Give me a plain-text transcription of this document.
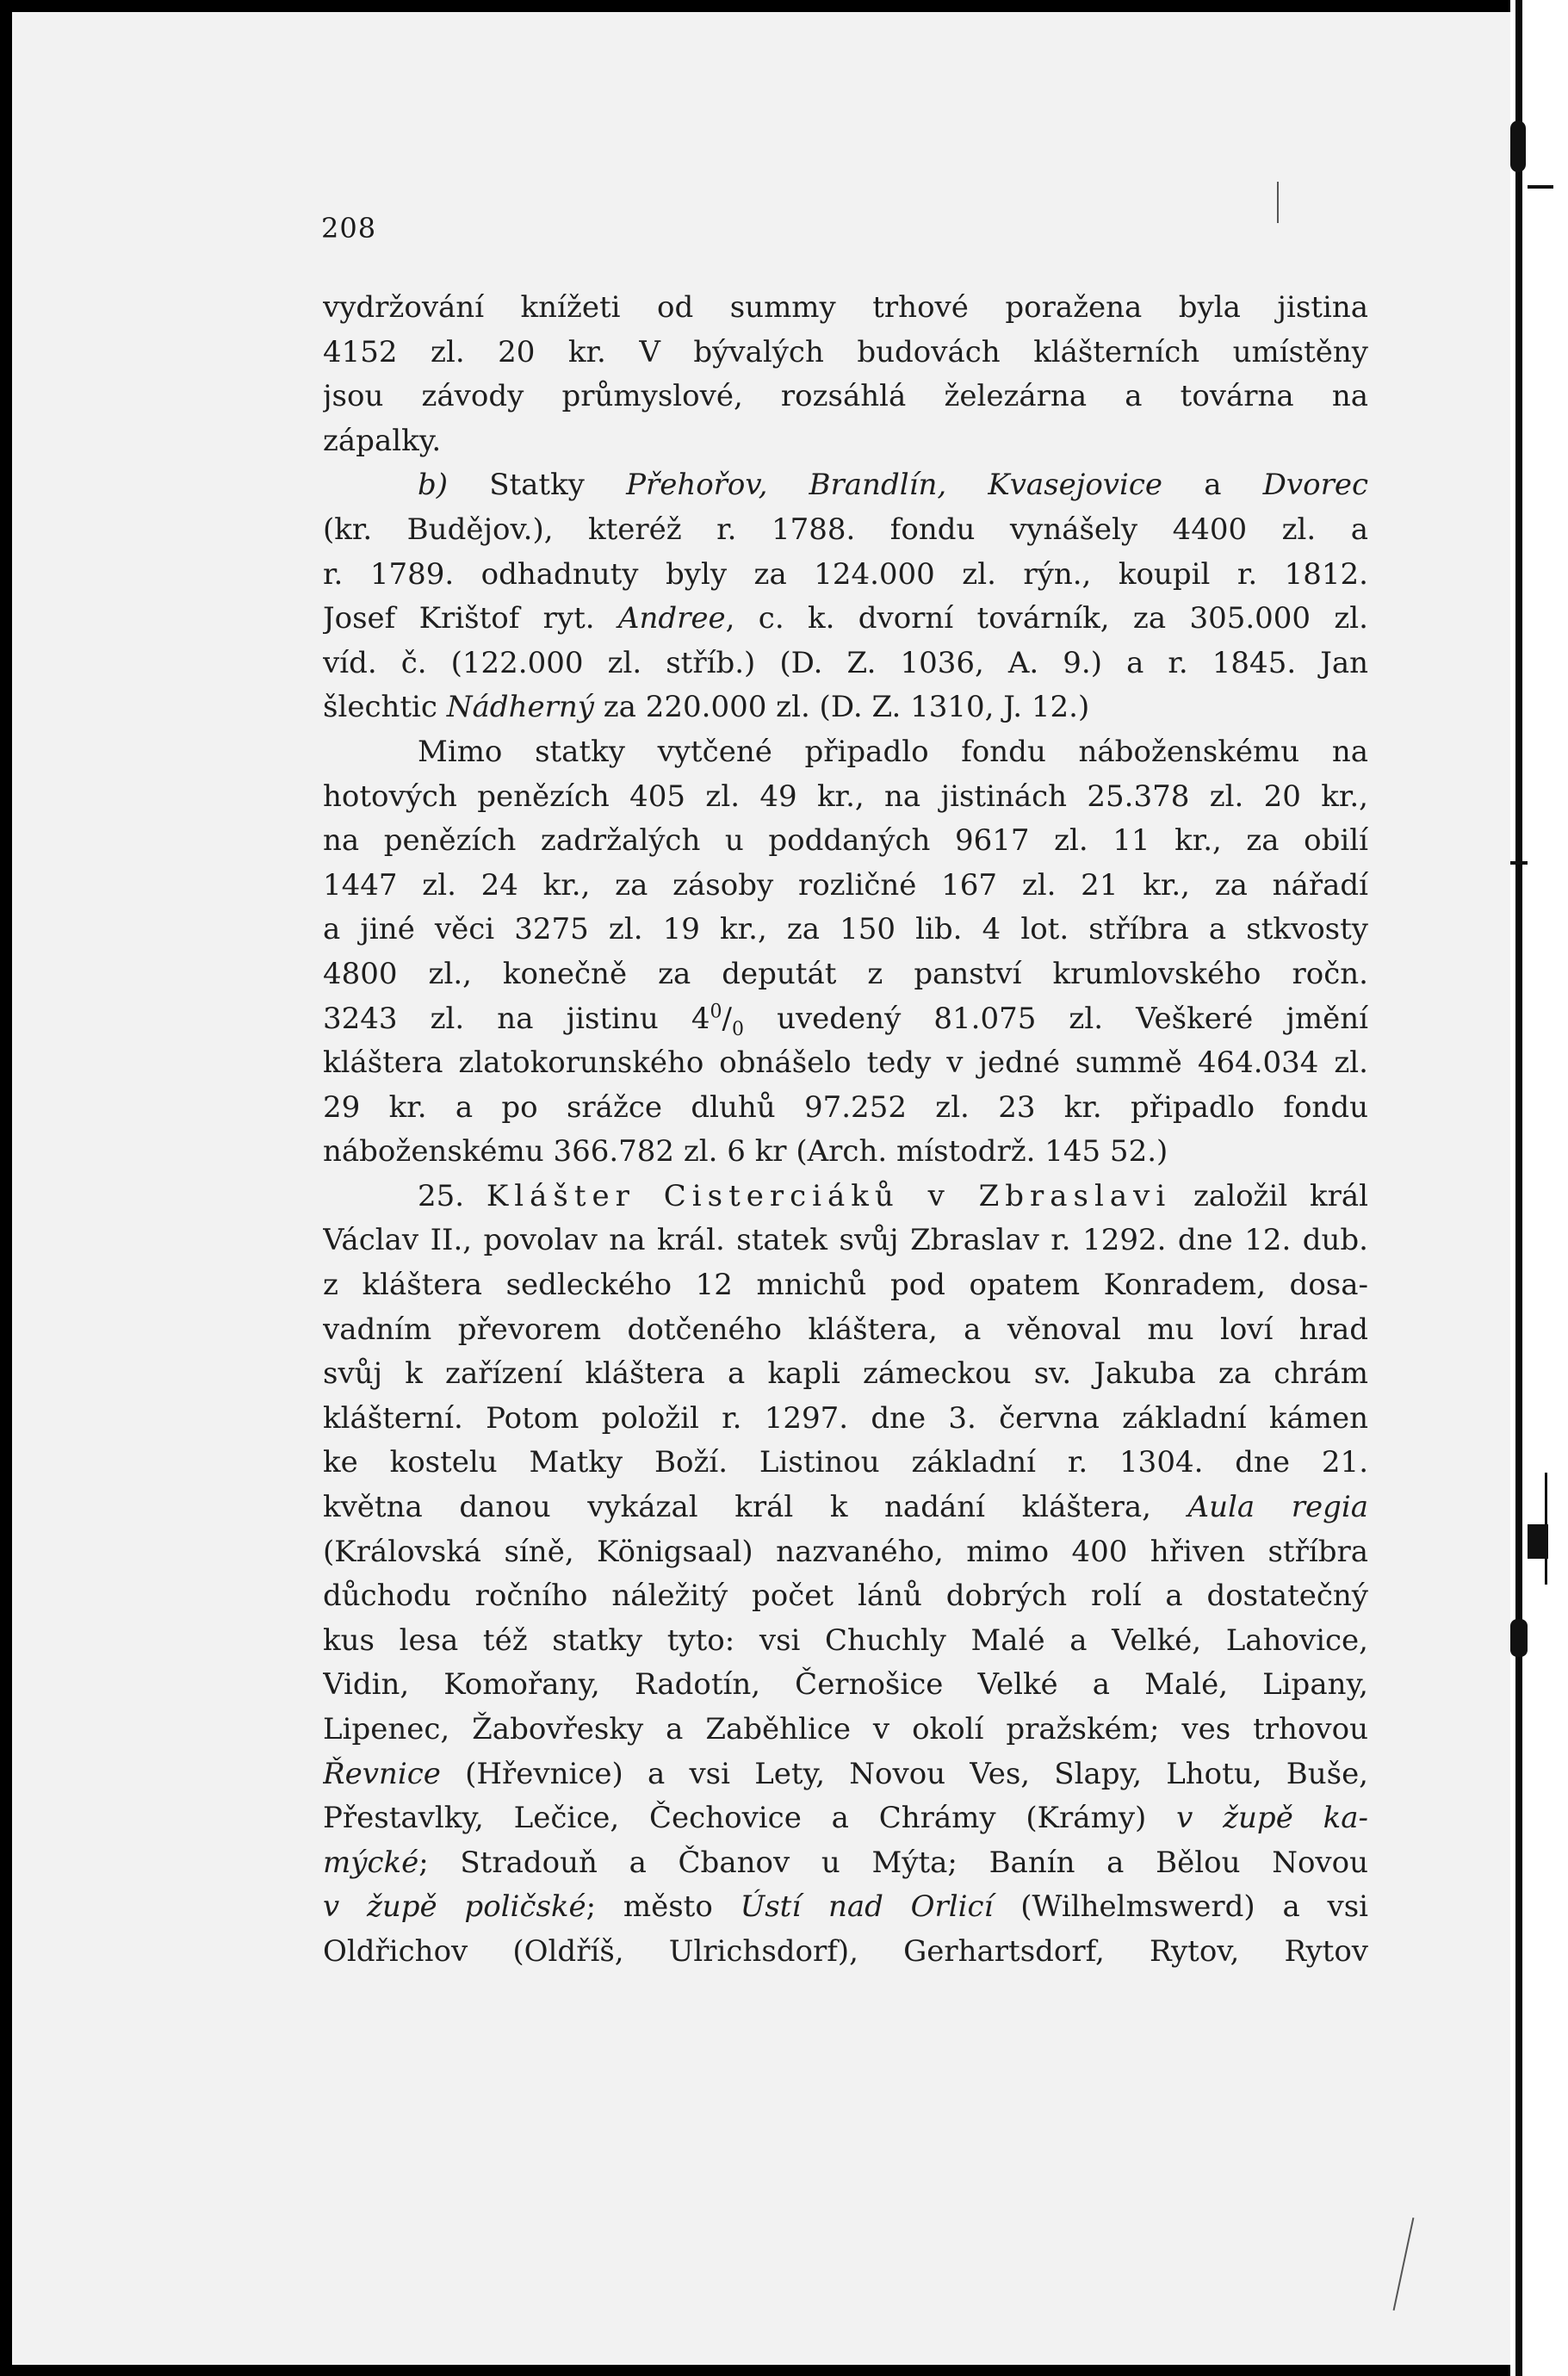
208
vydržování knížeti od summy trhové poražena byla jistina
4152 zl. 20 kr. V bývalých budovách klášterních umístěny
jsou závody průmyslové, rozsáhlá železárna a továrna na
zápalky.
b) Statky Přehořov, Brandlín, Kvasejovice a Dvorec
(kr. Budějov.), kteréž r. 1788. fondu vynášely 4400 zl. a
r. 1789. odhadnuty byly za 124.000 zl. rýn., koupil r. 1812.
Josef Krištof ryt. Andree, c. k. dvorní továrník, za 305.000 zl.
víd. č. (122.000 zl. stříb.) (D. Z. 1036, A. 9.) a r. 1845. Jan
šlechtic Nádherný za 220.000 zl. (D. Z. 1310, J. 12.)
Mimo statky vytčené připadlo fondu náboženskému na
hotových penězích 405 zl. 49 kr., na jistinách 25.378 zl. 20 kr.,
na penězích zadržalých u poddaných 9617 zl. 11 kr., za obilí
1447 zl. 24 kr., za zásoby rozličné 167 zl. 21 kr., za nářadí
a jiné věci 3275 zl. 19 kr., za 150 lib. 4 lot. stříbra a stkvosty
4800 zl., konečně za deputát z panství krumlovského ročn.
3243 zl. na jistinu $4^0/_0$ uvedený 81.075 zl. Veškeré jmění
kláštera zlatokorunského obnášelo tedy v jedné summě 464.034 zl.
29 kr. a po srážce dluhů 97.252 zl. 23 kr. připadlo fondu
náboženskému 366.782 zl. 6 kr (Arch. místodrž. 145 52.)
25. Klášter Cisterciáků v Zbraslavi založil král
Václav II., povolav na král. statek svůj Zbraslav r. 1292. dne 12. dub.
z kláštera sedleckého 12 mnichů pod opatem Konradem, dosa-
vadním převorem dotčeného kláštera, a věnoval mu loví hrad
svůj k zařízení kláštera a kapli zámeckou sv. Jakuba za chrám
klášterní. Potom položil r. 1297. dne 3. června základní kámen
ke kostelu Matky Boží. Listinou základní r. 1304. dne 21.
května danou vykázal král k nadání kláštera, Aula regia
(Královská síně, Königsaal) nazvaného, mimo 400 hřiven stříbra
důchodu ročního náležitý počet lánů dobrých rolí a dostatečný
kus lesa též statky tyto: vsi Chuchly Malé a Velké, Lahovice,
Vidin, Komořany, Radotín, Černošice Velké a Malé, Lipany,
Lipenec, Žabovřesky a Zaběhlice v okolí pražském; ves trhovou
Řevnice (Hřevnice) a vsi Lety, Novou Ves, Slapy, Lhotu, Buše,
Přestavlky, Lečice, Čechovice a Chrámy (Krámy) v župě ka-
mýcké; Stradouň a Čbanov u Mýta; Banín a Bělou Novou
v župě poličské; město Ústí nad Orlicí (Wilhelmswerd) a vsi
Oldřichov (Oldříš, Ulrichsdorf), Gerhartsdorf, Rytov, Rytov
